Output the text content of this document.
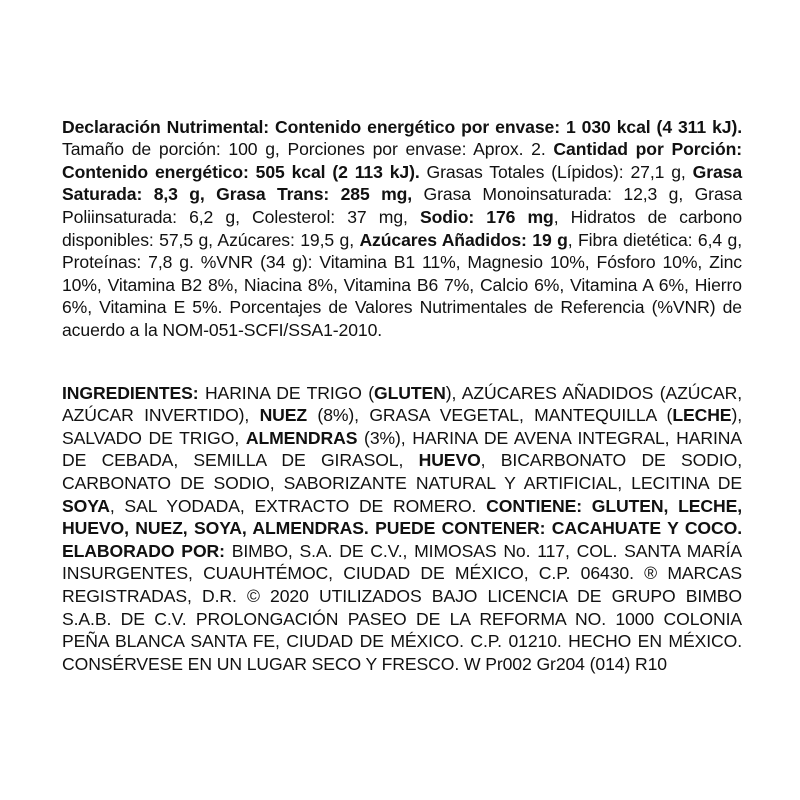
Declaración Nutrimental: Contenido energético por envase: 1 030 kcal (4 311 kJ). Tamaño de porción: 100 g, Porciones por envase: Aprox. 2. Cantidad por Porción: Contenido energético: 505 kcal (2 113 kJ). Grasas Totales (Lípidos): 27,1 g, Grasa Saturada: 8,3 g, Grasa Trans: 285 mg, Grasa Monoinsaturada: 12,3 g, Grasa Poliinsaturada: 6,2 g, Colesterol: 37 mg, Sodio: 176 mg, Hidratos de carbono disponibles: 57,5 g, Azúcares: 19,5 g, Azúcares Añadidos: 19 g, Fibra dietética: 6,4 g, Proteínas: 7,8 g. %VNR (34 g): Vitamina B1 11%, Magnesio 10%, Fósforo 10%, Zinc 10%, Vitamina B2 8%, Niacina 8%, Vitamina B6 7%, Calcio 6%, Vitamina A 6%, Hierro 6%, Vitamina E 5%. Porcentajes de Valores Nutrimentales de Referencia (%VNR) de acuerdo a la NOM-051-SCFI/SSA1-2010.

INGREDIENTES: HARINA DE TRIGO (GLUTEN), AZÚCARES AÑADIDOS (AZÚCAR, AZÚCAR INVERTIDO), NUEZ (8%), GRASA VEGETAL, MANTEQUILLA (LECHE), SALVADO DE TRIGO, ALMENDRAS (3%), HARINA DE AVENA INTEGRAL, HARINA DE CEBADA, SEMILLA DE GIRASOL, HUEVO, BICARBONATO DE SODIO, CARBONATO DE SODIO, SABORIZANTE NATURAL Y ARTIFICIAL, LECITINA DE SOYA, SAL YODADA, EXTRACTO DE ROMERO. CONTIENE: GLUTEN, LECHE, HUEVO, NUEZ, SOYA, ALMENDRAS. PUEDE CONTENER: CACAHUATE Y COCO. ELABORADO POR: BIMBO, S.A. DE C.V., MIMOSAS No. 117, COL. SANTA MARÍA INSURGENTES, CUAUHTÉMOC, CIUDAD DE MÉXICO, C.P. 06430. ® MARCAS REGISTRADAS, D.R. © 2020 UTILIZADOS BAJO LICENCIA DE GRUPO BIMBO S.A.B. DE C.V. PROLONGACIÓN PASEO DE LA REFORMA NO. 1000 COLONIA PEÑA BLANCA SANTA FE, CIUDAD DE MÉXICO. C.P. 01210. HECHO EN MÉXICO. CONSÉRVESE EN UN LUGAR SECO Y FRESCO. W Pr002 Gr204 (014) R10
